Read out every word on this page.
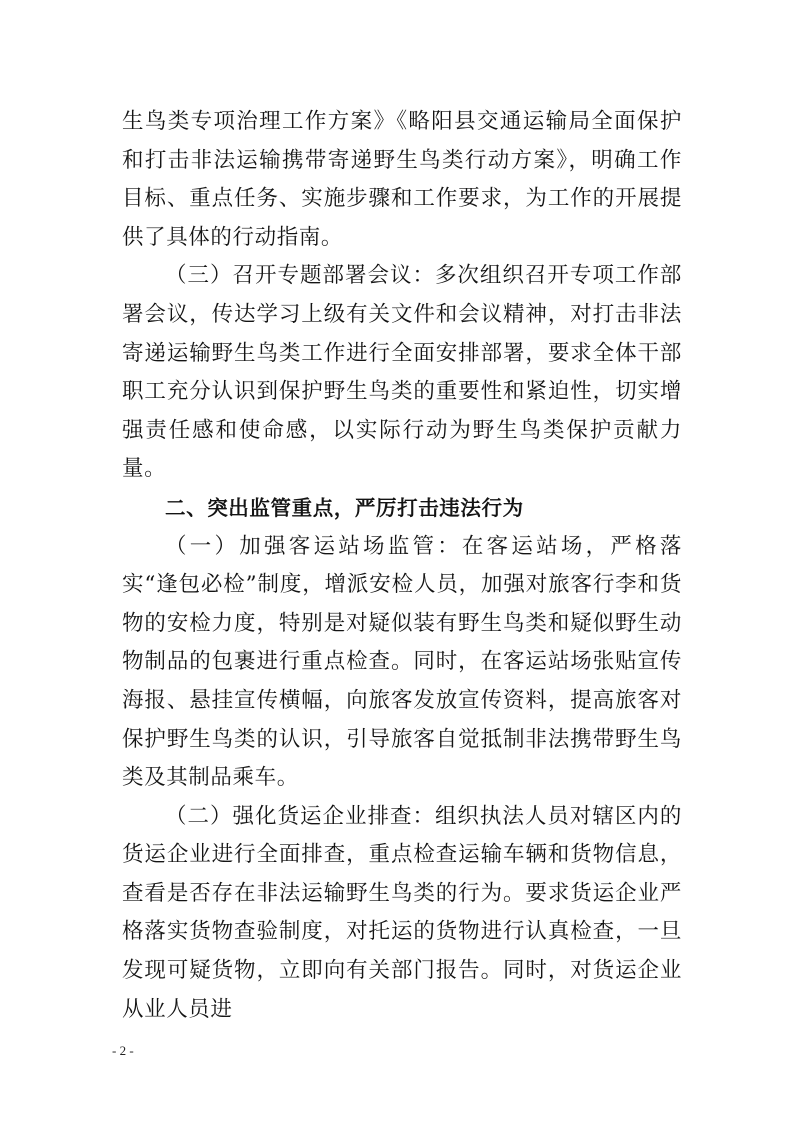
生鸟类专项治理工作方案》《略阳县交通运输局全面保护和打击非法运输携带寄递野生鸟类行动方案》，明确工作目标、重点任务、实施步骤和工作要求，为工作的开展提供了具体的行动指南。

（三）召开专题部署会议：多次组织召开专项工作部署会议，传达学习上级有关文件和会议精神，对打击非法寄递运输野生鸟类工作进行全面安排部署，要求全体干部职工充分认识到保护野生鸟类的重要性和紧迫性，切实增强责任感和使命感，以实际行动为野生鸟类保护贡献力量。

二、突出监管重点，严厉打击违法行为

（一）加强客运站场监管：在客运站场，严格落实“逢包必检”制度，增派安检人员，加强对旅客行李和货物的安检力度，特别是对疑似装有野生鸟类和疑似野生动物制品的包裹进行重点检查。同时，在客运站场张贴宣传海报、悬挂宣传横幅，向旅客发放宣传资料，提高旅客对保护野生鸟类的认识，引导旅客自觉抵制非法携带野生鸟类及其制品乘车。

（二）强化货运企业排查：组织执法人员对辖区内的货运企业进行全面排查，重点检查运输车辆和货物信息，查看是否存在非法运输野生鸟类的行为。要求货运企业严格落实货物查验制度，对托运的货物进行认真检查，一旦发现可疑货物，立即向有关部门报告。同时，对货运企业从业人员进

- 2 -
